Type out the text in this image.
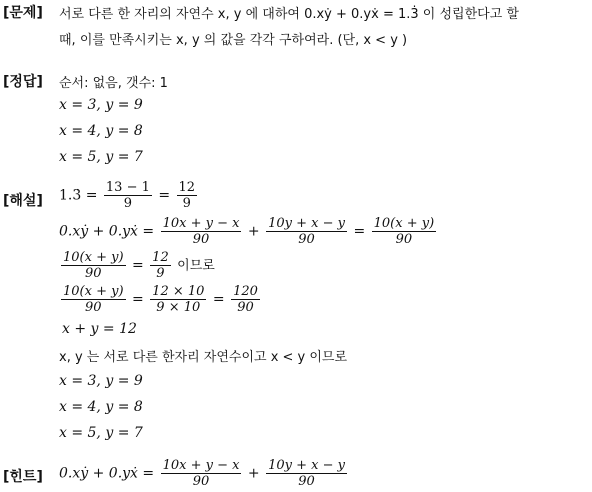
[문제] 서로 다른 한 자리의 자연수 x, y 에 대하여 0.xẏ + 0.yẋ = 1.3̇ 이 성립한다고 할
때, 이를 만족시키는 x, y 의 값을 각각 구하여라. (단, x < y )
[정답] 순서: 없음, 갯수: 1
x = 3, y = 9
x = 4, y = 8
x = 5, y = 7
[해설] 1.3̇ = $\frac{13 - 1}{9} = \frac{12}{9}$
0.xẏ + 0.yẋ = $\frac{10x + y - x}{90} + \frac{10y + x - y}{90} = \frac{10(x + y)}{90}$
$\frac{10(x + y)}{90} = \frac{12}{9}$ 이므로
$\frac{10(x + y)}{90} = \frac{12 \times 10}{9 \times 10} = \frac{120}{90}$
x + y = 12
x, y 는 서로 다른 한자리 자연수이고 x < y 이므로
x = 3, y = 9
x = 4, y = 8
x = 5, y = 7
[힌트] 0.xẏ + 0.yẋ = $\frac{10x + y - x}{90} + \frac{10y + x - y}{90}$
